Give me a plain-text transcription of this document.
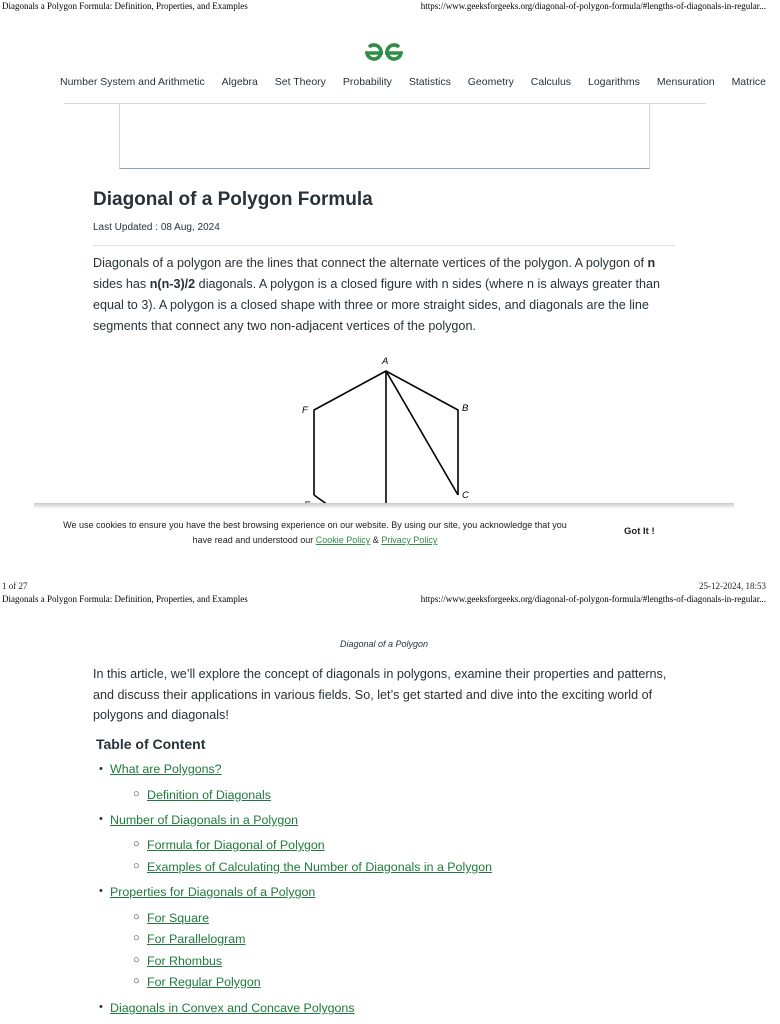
Diagonals a Polygon Formula: Definition, Properties, and Examples	https://www.geeksforgeeks.org/diagonal-of-polygon-formula/#lengths-of-diagonals-in-regular...
Number System and Arithmetic Algebra Set Theory Probability Statistics Geometry Calculus Logarithms Mensuration Matrice
Diagonal of a Polygon Formula
Last Updated : 08 Aug, 2024
Diagonals of a polygon are the lines that connect the alternate vertices of the polygon. A polygon of n sides has n(n-3)/2 diagonals. A polygon is a closed figure with n sides (where n is always greater than equal to 3). A polygon is a closed shape with three or more straight sides, and diagonals are the line segments that connect any two non-adjacent vertices of the polygon.
A
B
C
F
We use cookies to ensure you have the best browsing experience on our website. By using our site, you acknowledge that you have read and understood our Cookie Policy & Privacy Policy
Got It !
1 of 27	25-12-2024, 18:53
Diagonals a Polygon Formula: Definition, Properties, and Examples	https://www.geeksforgeeks.org/diagonal-of-polygon-formula/#lengths-of-diagonals-in-regular...
Diagonal of a Polygon
In this article, we’ll explore the concept of diagonals in polygons, examine their properties and patterns, and discuss their applications in various fields. So, let’s get started and dive into the exciting world of polygons and diagonals!
Table of Content
• What are Polygons?
○ Definition of Diagonals
• Number of Diagonals in a Polygon
○ Formula for Diagonal of Polygon
○ Examples of Calculating the Number of Diagonals in a Polygon
• Properties for Diagonals of a Polygon
○ For Square
○ For Parallelogram
○ For Rhombus
○ For Regular Polygon
• Diagonals in Convex and Concave Polygons
